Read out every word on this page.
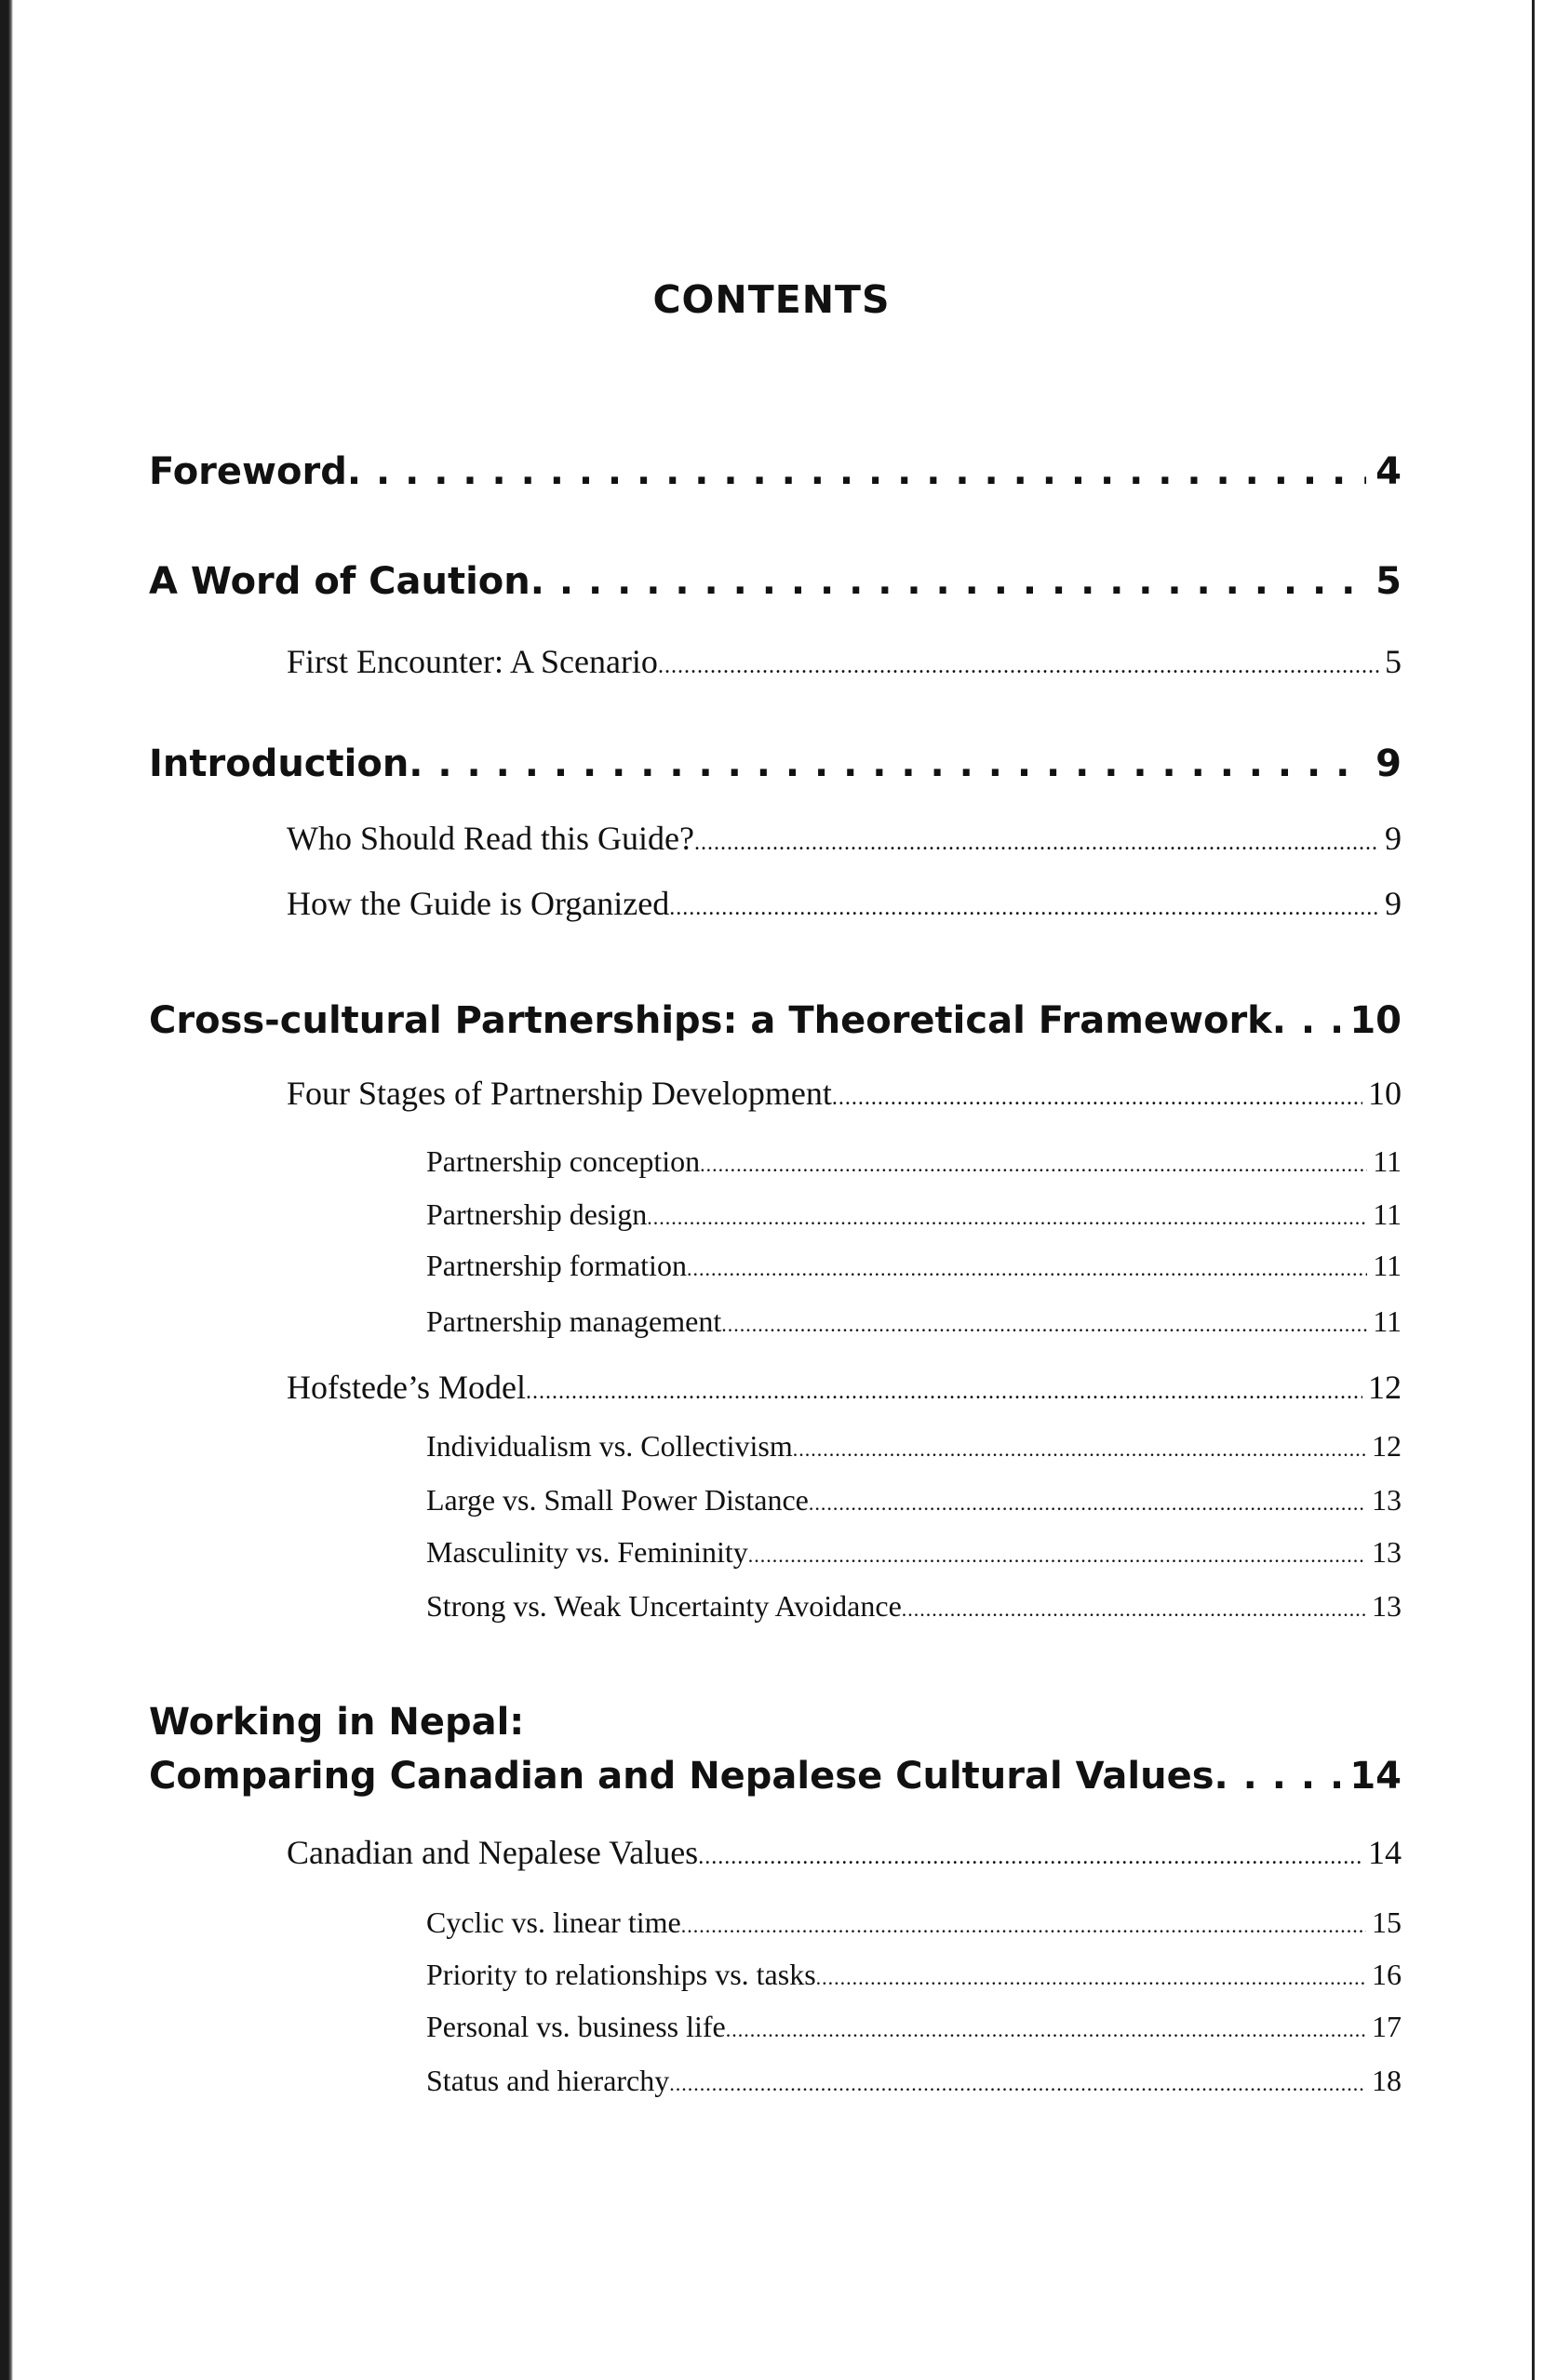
CONTENTS
Foreword . . .	4
A Word of Caution . . .	5
First Encounter: A Scenario .....	5
Introduction . . .	9
Who Should Read this Guide? .....	9
How the Guide is Organized .....	9
Cross-cultural Partnerships: a Theoretical Framework . . . 10
Four Stages of Partnership Development .....	10
Partnership conception .....	11
Partnership design .....	11
Partnership formation .....	11
Partnership management .....	11
Hofstede’s Model .....	12
Individualism vs. Collectivism .....	12
Large vs. Small Power Distance .....	13
Masculinity vs. Femininity .....	13
Strong vs. Weak Uncertainty Avoidance .....	13
Working in Nepal:
Comparing Canadian and Nepalese Cultural Values . . .	14
Canadian and Nepalese Values .....	14
Cyclic vs. linear time .....	15
Priority to relationships vs. tasks .....	16
Personal vs. business life .....	17
Status and hierarchy .....	18
